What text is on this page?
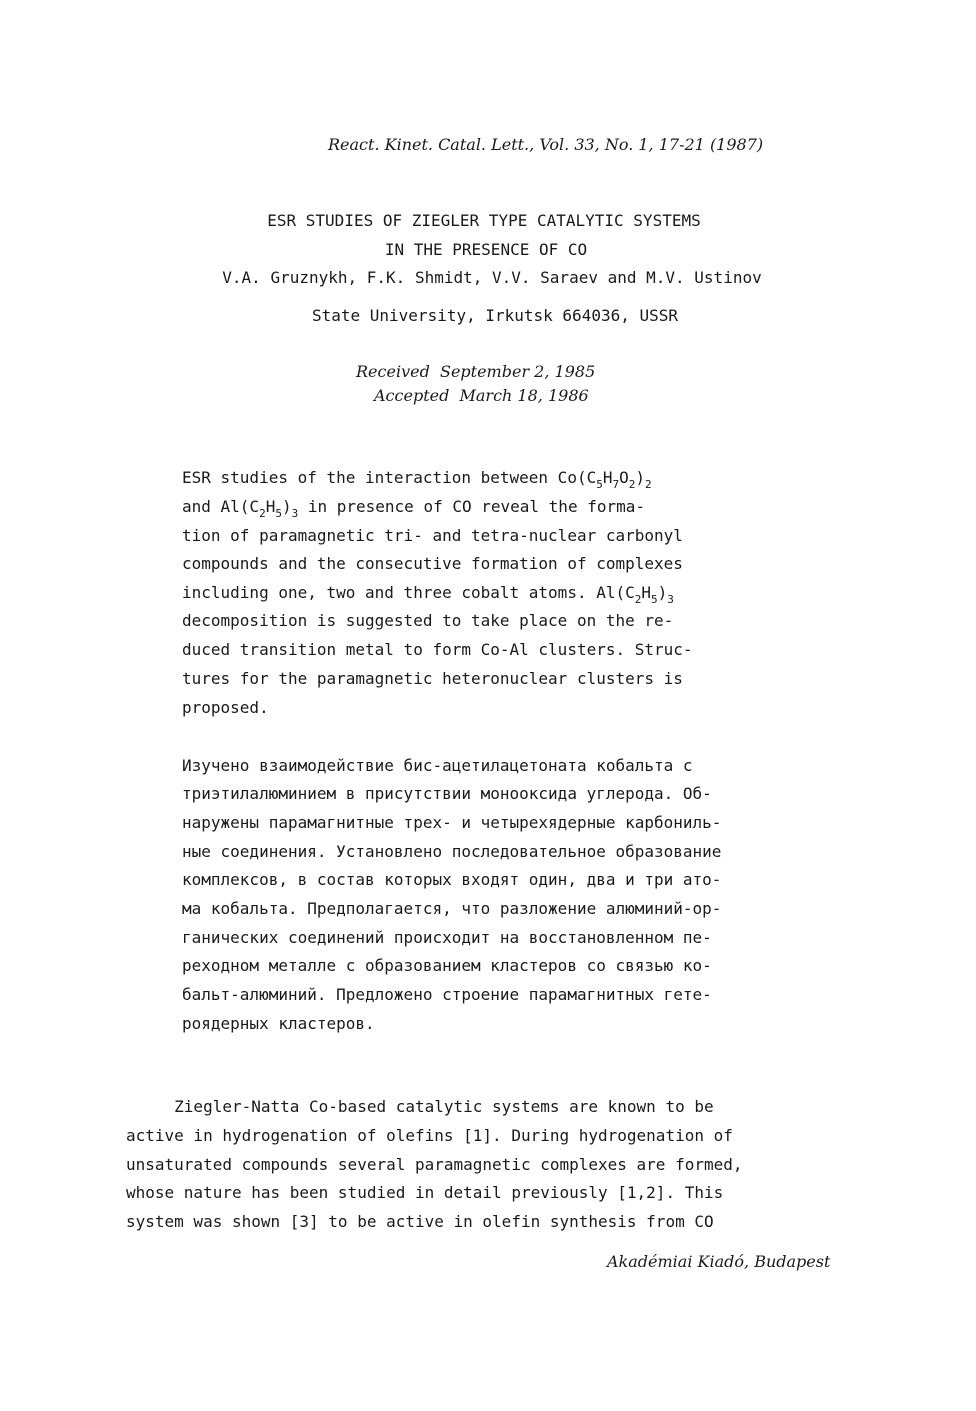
React. Kinet. Catal. Lett., Vol. 33, No. 1, 17-21 (1987)
ESR STUDIES OF ZIEGLER TYPE CATALYTIC SYSTEMS
IN THE PRESENCE OF CO
V.A. Gruznykh, F.K. Shmidt, V.V. Saraev and M.V. Ustinov
State University, Irkutsk 664036, USSR
Received  September 2, 1985
Accepted  March 18, 1986
ESR studies of the interaction between $Co(C_5H_7O_2)_2$
and $Al(C_2H_5)_3$ in presence of CO reveal the forma-
tion of paramagnetic tri- and tetra-nuclear carbonyl
compounds and the consecutive formation of complexes
including one, two and three cobalt atoms. $Al(C_2H_5)_3$
decomposition is suggested to take place on the re-
duced transition metal to form Co-Al clusters. Struc-
tures for the paramagnetic heteronuclear clusters is
proposed.
Изучено взаимодействие бис-ацетилацетоната кобальта с
триэтилалюминием в присутствии монооксида углерода. Об-
наружены парамагнитные трех- и четырехядерные карбониль-
ные соединения. Установлено последовательное образование
комплексов, в состав которых входят один, два и три ато-
ма кобальта. Предполагается, что разложение алюминий-ор-
ганических соединений происходит на восстановленном пе-
реходном металле с образованием кластеров со связью ко-
бальт-алюминий. Предложено строение парамагнитных гете-
роядерных кластеров.
Ziegler-Natta Co-based catalytic systems are known to be
active in hydrogenation of olefins [1]. During hydrogenation of
unsaturated compounds several paramagnetic complexes are formed,
whose nature has been studied in detail previously [1,2]. This
system was shown [3] to be active in olefin synthesis from CO
Akadémiai Kiadó, Budapest
